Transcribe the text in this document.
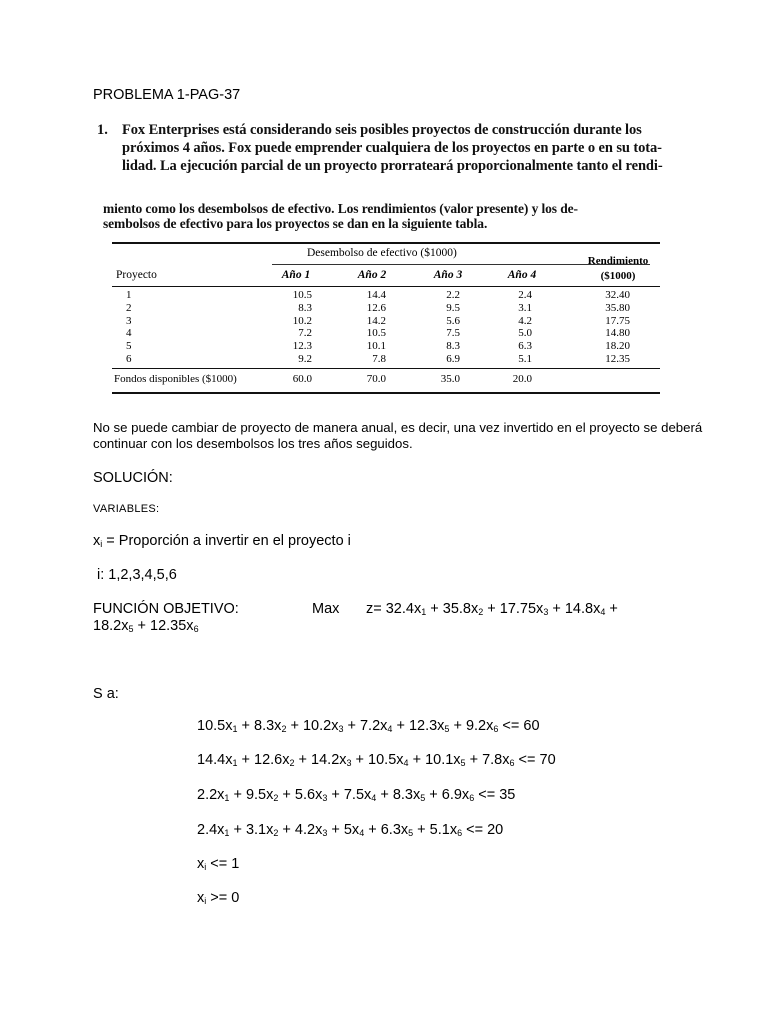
PROBLEMA 1-PAG-37
1. Fox Enterprises está considerando seis posibles proyectos de construcción durante los
próximos 4 años. Fox puede emprender cualquiera de los proyectos en parte o en su tota-
lidad. La ejecución parcial de un proyecto prorrateará proporcionalmente tanto el rendi-
miento como los desembolsos de efectivo. Los rendimientos (valor presente) y los de-
sembolsos de efectivo para los proyectos se dan en la siguiente tabla.
Desembolso de efectivo ($1000)
Rendimiento
($1000)
Proyecto	Año 1	Año 2	Año 3	Año 4
1	10.5	14.4	2.2	2.4	32.40
2	8.3	12.6	9.5	3.1	35.80
3	10.2	14.2	5.6	4.2	17.75
4	7.2	10.5	7.5	5.0	14.80
5	12.3	10.1	8.3	6.3	18.20
6	9.2	7.8	6.9	5.1	12.35
Fondos disponibles ($1000)	60.0	70.0	35.0	20.0
No se puede cambiar de proyecto de manera anual, es decir, una vez invertido en el proyecto se deberá continuar con los desembolsos los tres años seguidos.
SOLUCIÓN:
VARIABLES:
$x_i$ = Proporción a invertir en el proyecto i
i: 1,2,3,4,5,6
FUNCIÓN OBJETIVO:	Max $z= 32.4x_1 + 35.8x_2 + 17.75x_3 + 14.8x_4$ +
$18.2x_5 + 12.35x_6$
S a:
$10.5x_1 + 8.3x_2 + 10.2x_3 + 7.2x_4 + 12.3x_5 + 9.2x_6 <= 60$
$14.4x_1 + 12.6x_2 + 14.2x_3 + 10.5x_4 + 10.1x_5 + 7.8x_6 <= 70$
$2.2x_1 + 9.5x_2 + 5.6x_3 + 7.5x_4 + 8.3x_5 + 6.9x_6 <= 35$
$2.4x_1 + 3.1x_2 + 4.2x_3 + 5x_4 + 6.3x_5 + 5.1x_6 <= 20$
$x_i <= 1$
$x_i >= 0$
